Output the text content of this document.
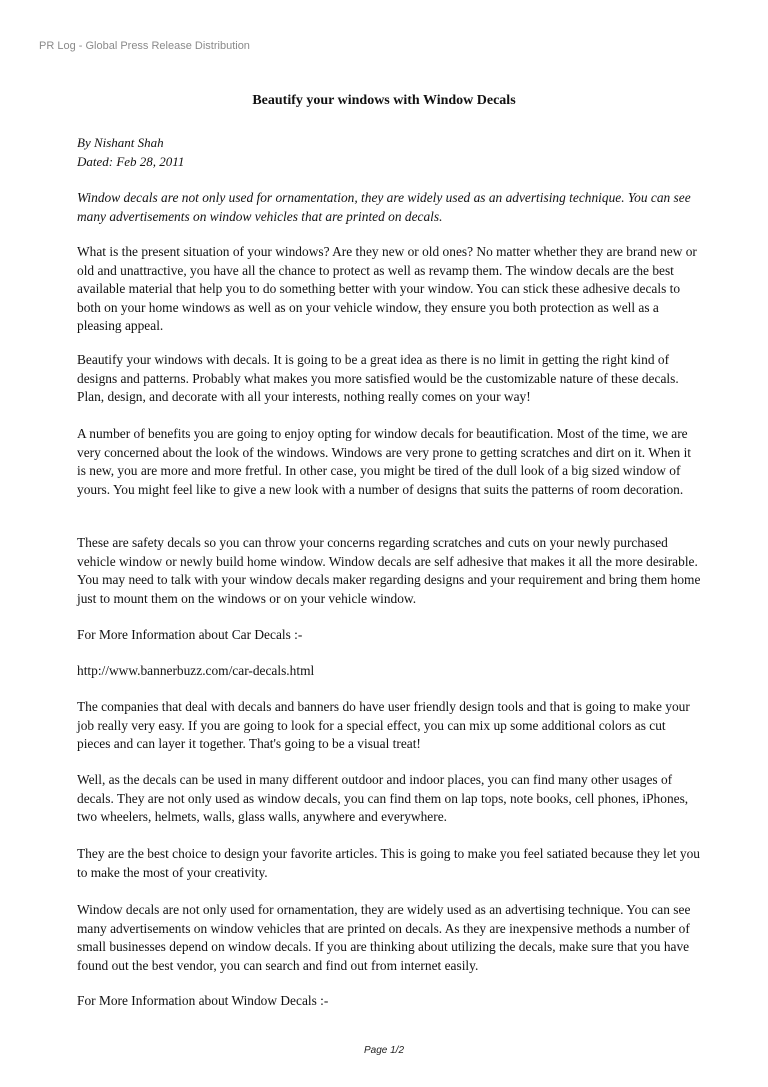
PR Log - Global Press Release Distribution
Beautify your windows with Window Decals
By Nishant Shah
Dated: Feb 28, 2011

Window decals are not only used for ornamentation, they are widely used as an advertising technique. You can see many advertisements on window vehicles that are printed on decals.

What is the present situation of your windows? Are they new or old ones? No matter whether they are brand new or old and unattractive, you have all the chance to protect as well as revamp them. The window decals are the best available material that help you to do something better with your window. You can stick these adhesive decals to both on your home windows as well as on your vehicle window, they ensure you both protection as well as a pleasing appeal.

Beautify your windows with decals. It is going to be a great idea as there is no limit in getting the right kind of designs and patterns. Probably what makes you more satisfied would be the customizable nature of these decals. Plan, design, and decorate with all your interests, nothing really comes on your way!

A number of benefits you are going to enjoy opting for window decals for beautification. Most of the time, we are very concerned about the look of the windows. Windows are very prone to getting scratches and dirt on it. When it is new, you are more and more fretful. In other case, you might be tired of the dull look of a big sized window of yours. You might feel like to give a new look with a number of designs that suits the patterns of room decoration.

These are safety decals so you can throw your concerns regarding scratches and cuts on your newly purchased vehicle window or newly build home window. Window decals are self adhesive that makes it all the more desirable. You may need to talk with your window decals maker regarding designs and your requirement and bring them home just to mount them on the windows or on your vehicle window.

For More Information about Car Decals :-

http://www.bannerbuzz.com/car-decals.html

The companies that deal with decals and banners do have user friendly design tools and that is going to make your job really very easy. If you are going to look for a special effect, you can mix up some additional colors as cut pieces and can layer it together. That's going to be a visual treat!

Well, as the decals can be used in many different outdoor and indoor places, you can find many other usages of decals. They are not only used as window decals, you can find them on lap tops, note books, cell phones, iPhones, two wheelers, helmets, walls, glass walls, anywhere and everywhere.

They are the best choice to design your favorite articles. This is going to make you feel satiated because they let you to make the most of your creativity.

Window decals are not only used for ornamentation, they are widely used as an advertising technique. You can see many advertisements on window vehicles that are printed on decals. As they are inexpensive methods a number of small businesses depend on window decals. If you are thinking about utilizing the decals, make sure that you have found out the best vendor, you can search and find out from internet easily.

For More Information about Window Decals :-

Page 1/2
